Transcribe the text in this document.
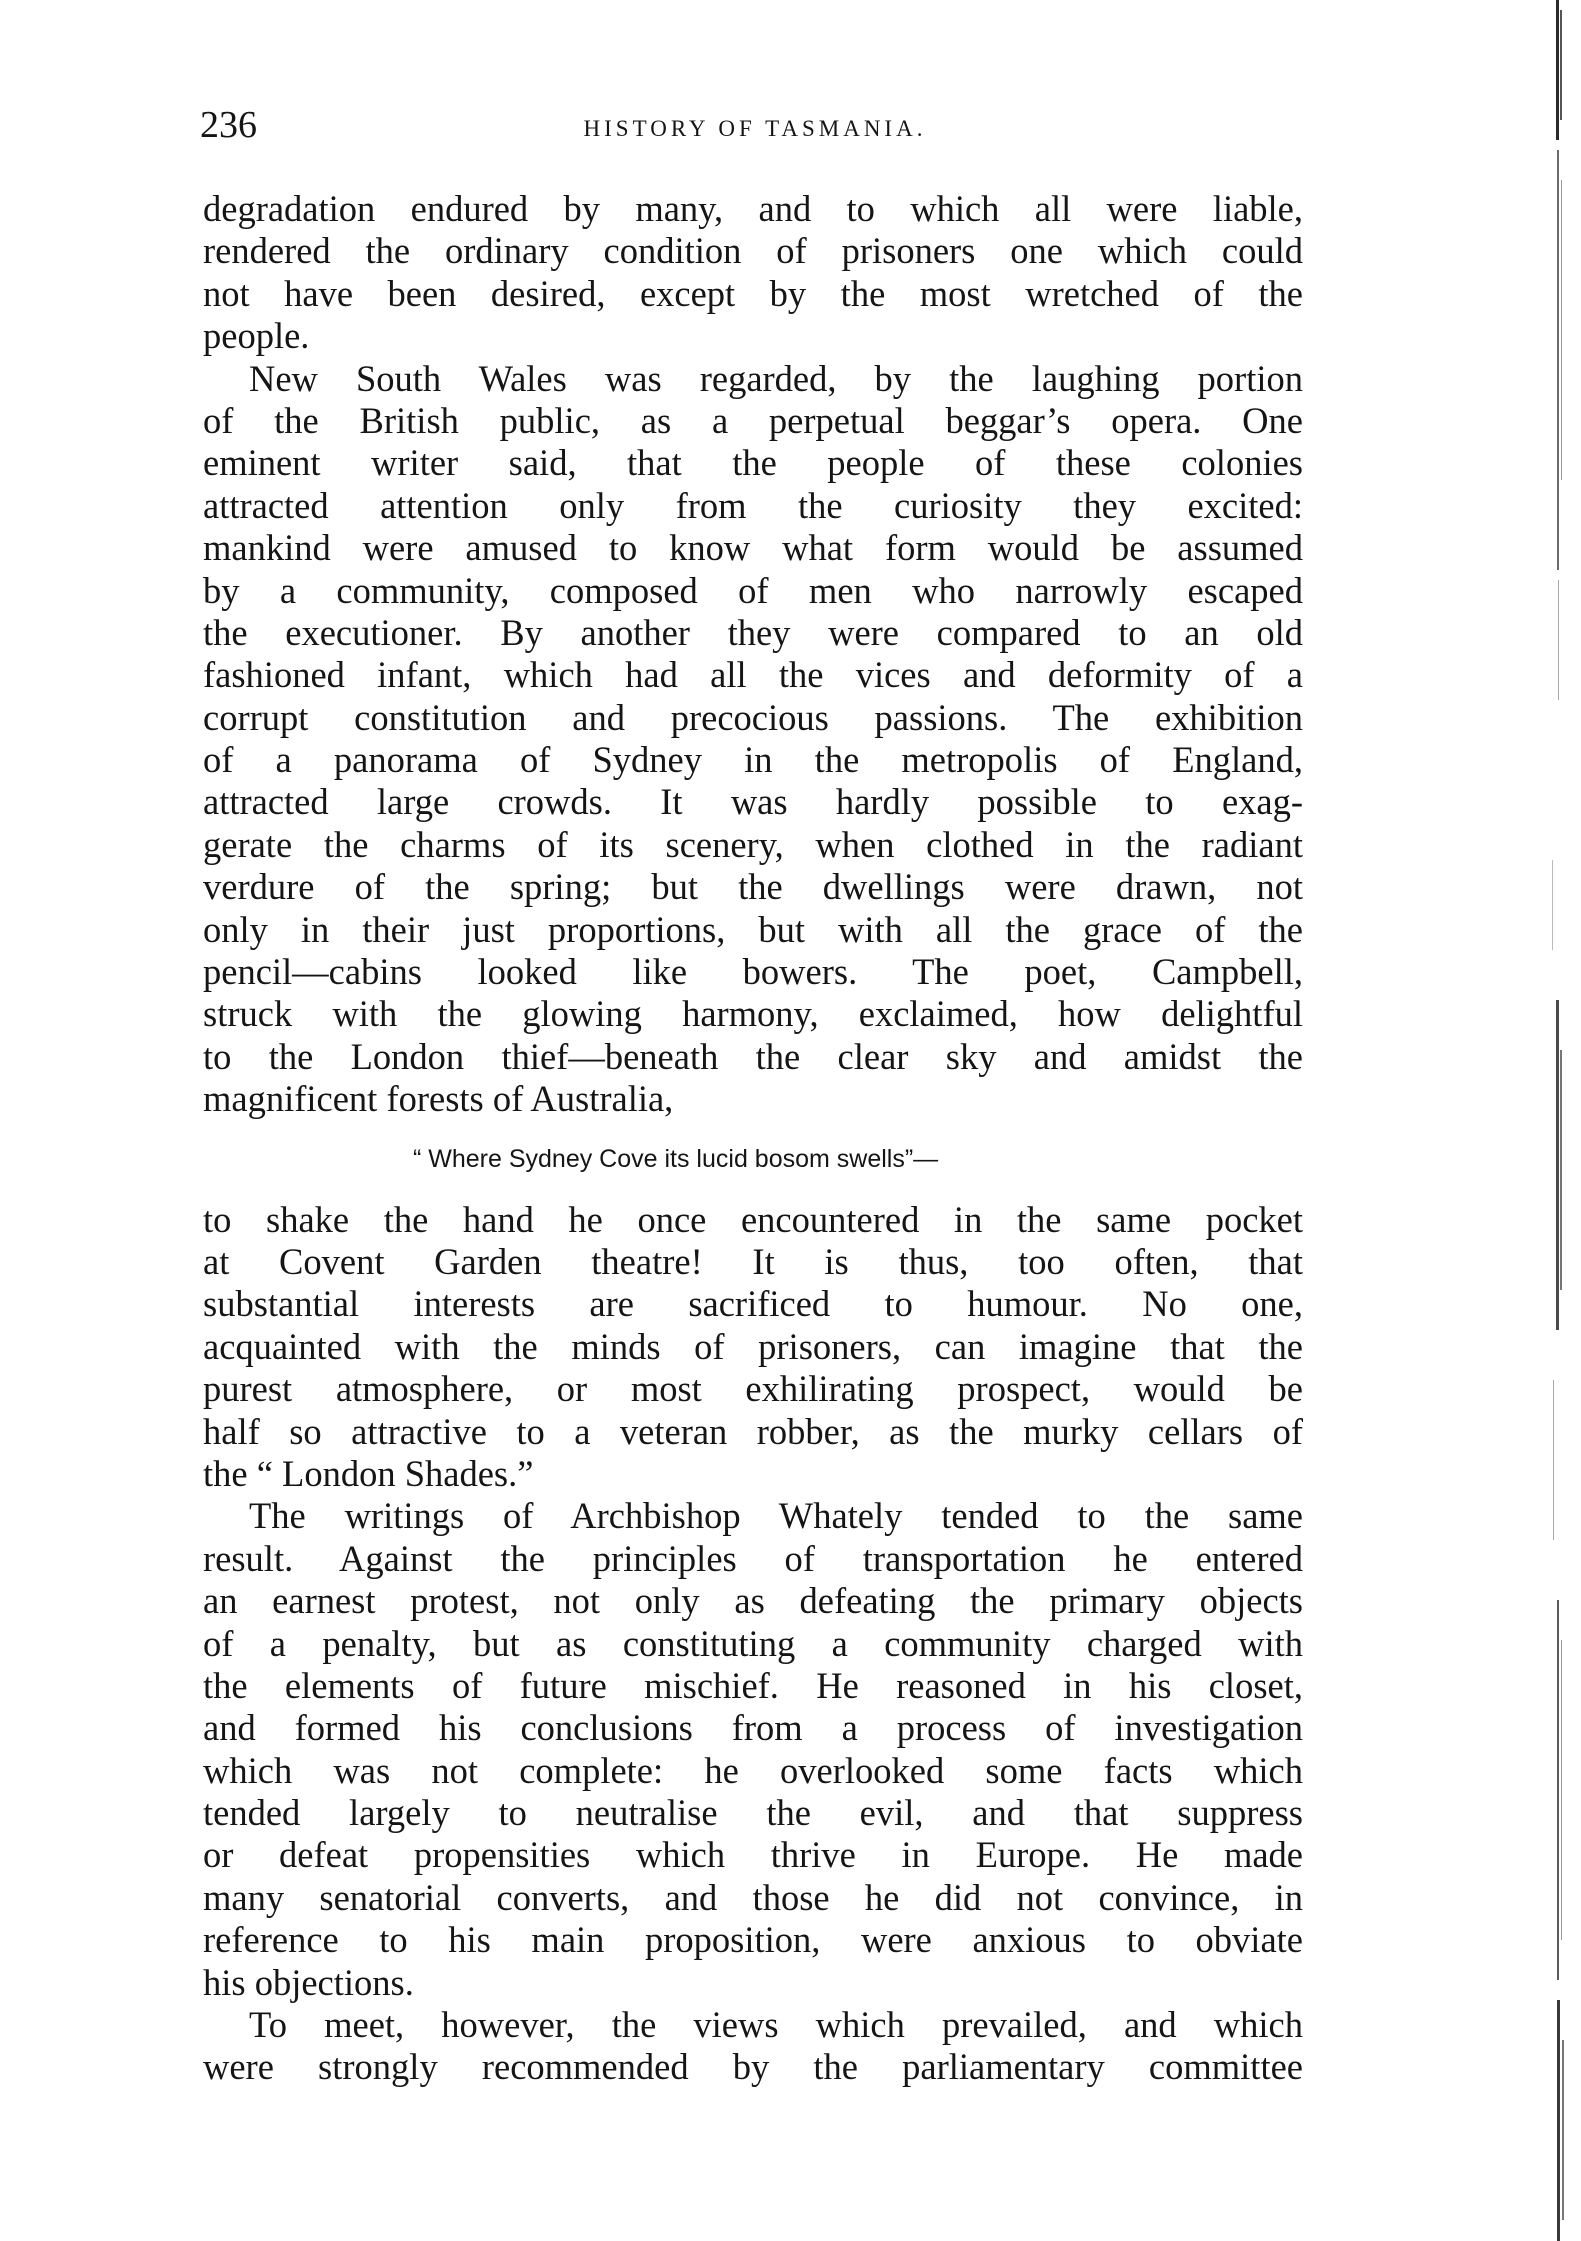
236	HISTORY OF TASMANIA.
degradation endured by many, and to which all were liable,
rendered the ordinary condition of prisoners one which could
not have been desired, except by the most wretched of the
people.
New South Wales was regarded, by the laughing portion
of the British public, as a perpetual beggar’s opera. One
eminent writer said, that the people of these colonies
attracted attention only from the curiosity they excited:
mankind were amused to know what form would be assumed
by a community, composed of men who narrowly escaped
the executioner. By another they were compared to an old
fashioned infant, which had all the vices and deformity of a
corrupt constitution and precocious passions. The exhibition
of a panorama of Sydney in the metropolis of England,
attracted large crowds. It was hardly possible to exag-
gerate the charms of its scenery, when clothed in the radiant
verdure of the spring; but the dwellings were drawn, not
only in their just proportions, but with all the grace of the
pencil—cabins looked like bowers. The poet, Campbell,
struck with the glowing harmony, exclaimed, how delightful
to the London thief—beneath the clear sky and amidst the
magnificent forests of Australia,
“ Where Sydney Cove its lucid bosom swells”—
to shake the hand he once encountered in the same pocket
at Covent Garden theatre! It is thus, too often, that
substantial interests are sacrificed to humour. No one,
acquainted with the minds of prisoners, can imagine that the
purest atmosphere, or most exhilirating prospect, would be
half so attractive to a veteran robber, as the murky cellars of
the “ London Shades.”
The writings of Archbishop Whately tended to the same
result. Against the principles of transportation he entered
an earnest protest, not only as defeating the primary objects
of a penalty, but as constituting a community charged with
the elements of future mischief. He reasoned in his closet,
and formed his conclusions from a process of investigation
which was not complete: he overlooked some facts which
tended largely to neutralise the evil, and that suppress
or defeat propensities which thrive in Europe. He made
many senatorial converts, and those he did not convince, in
reference to his main proposition, were anxious to obviate
his objections.
To meet, however, the views which prevailed, and which
were strongly recommended by the parliamentary committee
